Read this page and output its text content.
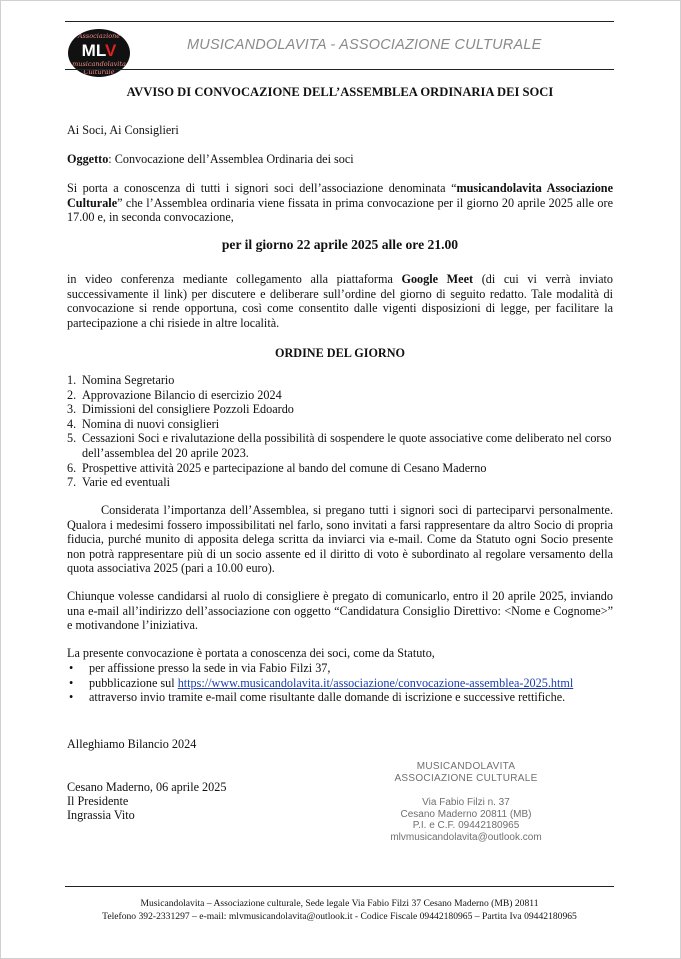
Associazione
MLV
musicandolavita
Culturale
MUSICANDOLAVITA - ASSOCIAZIONE CULTURALE
AVVISO DI CONVOCAZIONE DELL’ASSEMBLEA ORDINARIA DEI SOCI
Ai Soci, Ai Consiglieri
Oggetto: Convocazione dell’Assemblea Ordinaria dei soci
Si porta a conoscenza di tutti i signori soci dell’associazione denominata “musicandolavita Associazione Culturale” che l’Assemblea ordinaria viene fissata in prima convocazione per il giorno 20 aprile 2025 alle ore 17.00 e, in seconda convocazione,
per il giorno 22 aprile 2025 alle ore 21.00
in video conferenza mediante collegamento alla piattaforma Google Meet (di cui vi verrà inviato successivamente il link) per discutere e deliberare sull’ordine del giorno di seguito redatto. Tale modalità di convocazione si rende opportuna, così come consentito dalle vigenti disposizioni di legge, per facilitare la partecipazione a chi risiede in altre località.
ORDINE DEL GIORNO
1. Nomina Segretario
2. Approvazione Bilancio di esercizio 2024
3. Dimissioni del consigliere Pozzoli Edoardo
4. Nomina di nuovi consiglieri
5. Cessazioni Soci e rivalutazione della possibilità di sospendere le quote associative come deliberato nel corso dell’assemblea del 20 aprile 2023.
6. Prospettive attività 2025 e partecipazione al bando del comune di Cesano Maderno
7. Varie ed eventuali
Considerata l’importanza dell’Assemblea, si pregano tutti i signori soci di parteciparvi personalmente. Qualora i medesimi fossero impossibilitati nel farlo, sono invitati a farsi rappresentare da altro Socio di propria fiducia, purché munito di apposita delega scritta da inviarci via e-mail. Come da Statuto ogni Socio presente non potrà rappresentare più di un socio assente ed il diritto di voto è subordinato al regolare versamento della quota associativa 2025 (pari a 10.00 euro).
Chiunque volesse candidarsi al ruolo di consigliere è pregato di comunicarlo, entro il 20 aprile 2025, inviando una e-mail all’indirizzo dell’associazione con oggetto “Candidatura Consiglio Direttivo: <Nome e Cognome>” e motivandone l’iniziativa.
La presente convocazione è portata a conoscenza dei soci, come da Statuto,
• per affissione presso la sede in via Fabio Filzi 37,
• pubblicazione sul https://www.musicandolavita.it/associazione/convocazione-assemblea-2025.html
• attraverso invio tramite e-mail come risultante dalle domande di iscrizione e successive rettifiche.
Alleghiamo Bilancio 2024
Cesano Maderno, 06 aprile 2025
Il Presidente
Ingrassia Vito
MUSICANDOLAVITA
ASSOCIAZIONE CULTURALE
Via Fabio Filzi n. 37
Cesano Maderno 20811 (MB)
P.I. e C.F. 09442180965
mlvmusicandolavita@outlook.com
Musicandolavita – Associazione culturale, Sede legale Via Fabio Filzi 37 Cesano Maderno (MB) 20811
Telefono 392-2331297 – e-mail: mlvmusicandolavita@outlook.it - Codice Fiscale 09442180965 – Partita Iva 09442180965
